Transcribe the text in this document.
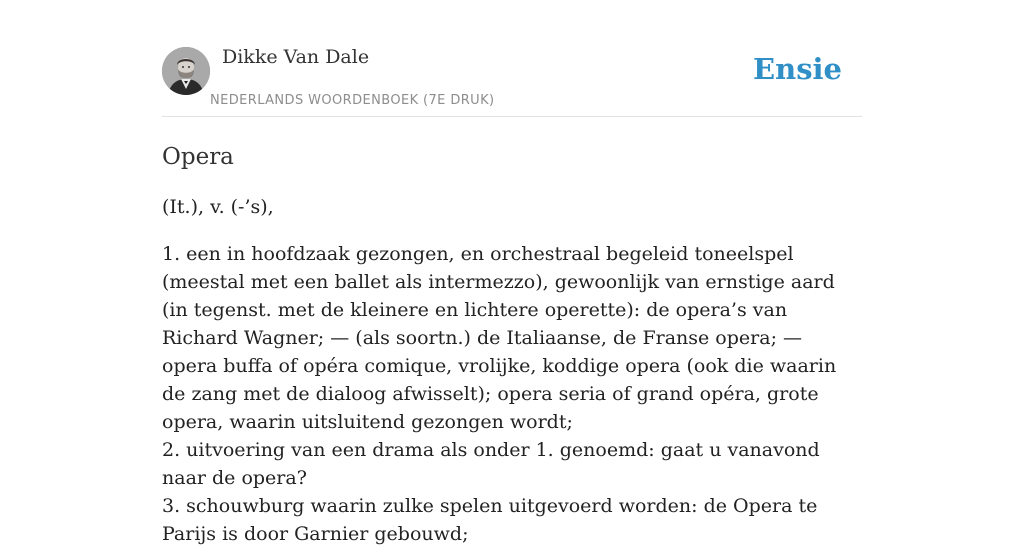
Dikke Van Dale
NEDERLANDS WOORDENBOEK (7E DRUK)
Ensie
Opera

(It.), v. (-’s),

1. een in hoofdzaak gezongen, en orchestraal begeleid toneelspel (meestal met een ballet als intermezzo), gewoonlijk van ernstige aard (in tegenst. met de kleinere en lichtere operette): de opera’s van Richard Wagner; — (als soortn.) de Italiaanse, de Franse opera; — opera buffa of opéra comique, vrolijke, koddige opera (ook die waarin de zang met de dialoog afwisselt); opera seria of grand opéra, grote opera, waarin uitsluitend gezongen wordt;

2. uitvoering van een drama als onder 1. genoemd: gaat u vanavond naar de opera?

3. schouwburg waarin zulke spelen uitgevoerd worden: de Opera te Parijs is door Garnier gebouwd;
